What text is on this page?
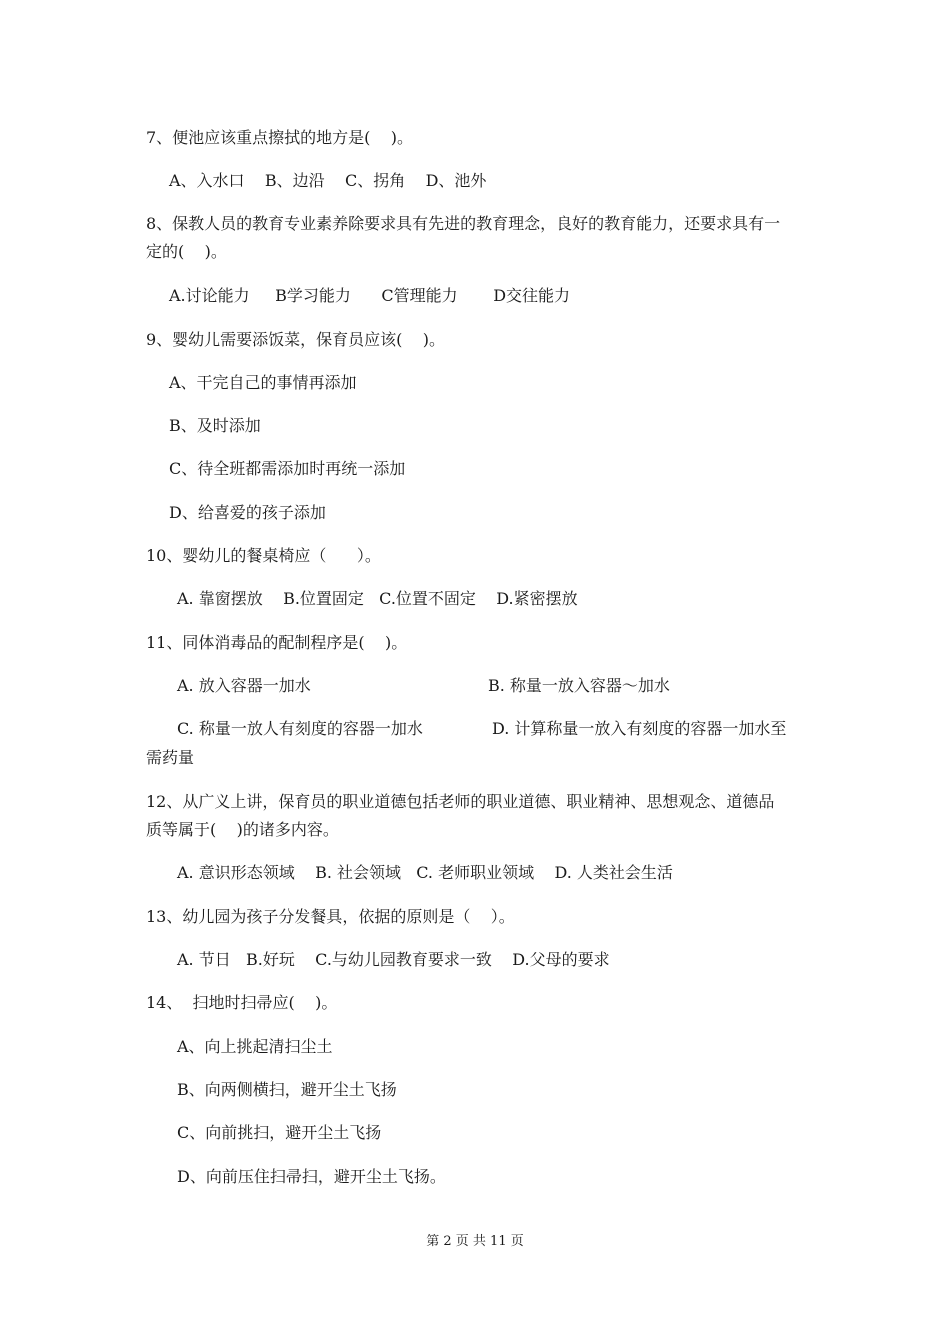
7、便池应该重点擦拭的地方是(    )。
A、入水口    B、边沿    C、拐角    D、池外
8、保教人员的教育专业素养除要求具有先进的教育理念，良好的教育能力，还要求具有一
定的(    )。
A.讨论能力     B学习能力      C管理能力       D交往能力
9、婴幼儿需要添饭菜，保育员应该(    )。
A、干完自己的事情再添加
B、及时添加
C、待全班都需添加时再统一添加
D、给喜爱的孩子添加
10、婴幼儿的餐桌椅应（      ）。
A. 靠窗摆放    B.位置固定   C.位置不固定    D.紧密摆放
11、同体消毒品的配制程序是(    )。
A. 放入容器一加水	B. 称量一放入容器～加水
C. 称量一放人有刻度的容器一加水	D. 计算称量一放入有刻度的容器一加水至
需药量
12、从广义上讲，保育员的职业道德包括老师的职业道德、职业精神、思想观念、道德品
质等属于(    )的诸多内容。
A. 意识形态领域    B. 社会领域   C. 老师职业领域    D. 人类社会生活
13、幼儿园为孩子分发餐具，依据的原则是（    ）。
A. 节日   B.好玩    C.与幼儿园教育要求一致    D.父母的要求
14、  扫地时扫帚应(    )。
A、向上挑起清扫尘土
B、向两侧横扫，避开尘土飞扬
C、向前挑扫，避开尘土飞扬
D、向前压住扫帚扫，避开尘土飞扬。
第 2 页 共 11 页
